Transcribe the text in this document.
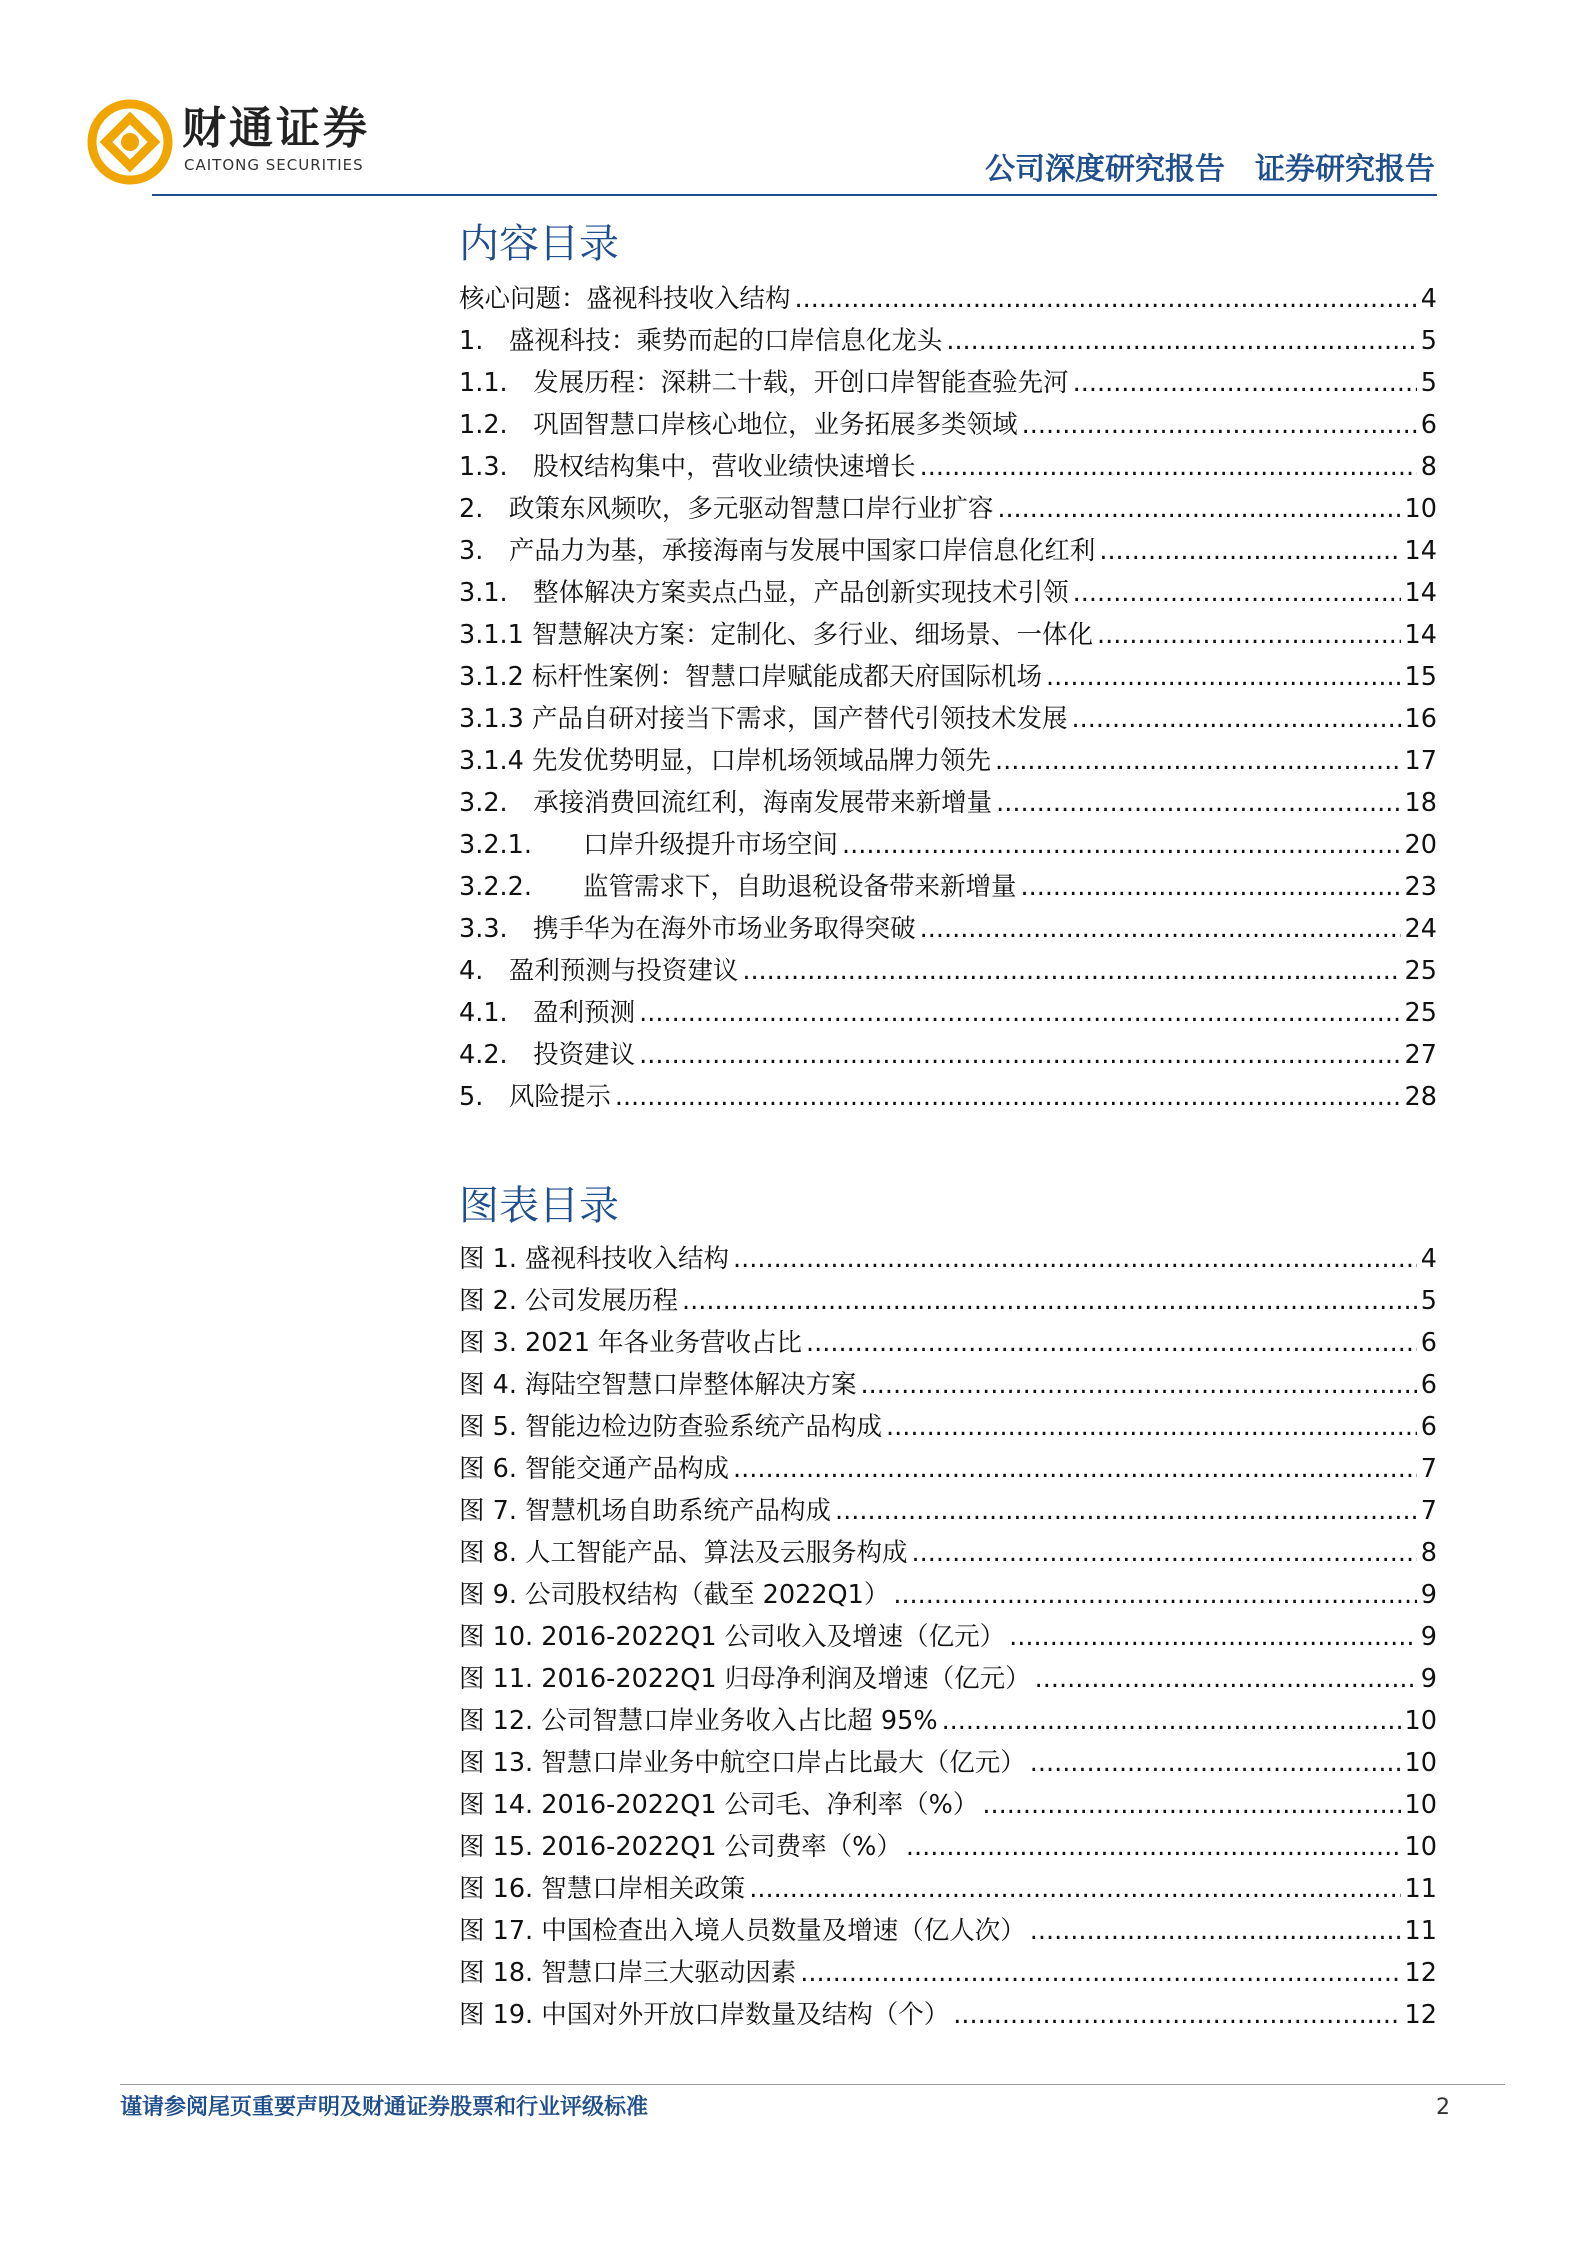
财通证券
CAITONG SECURITIES	公司深度研究报告 证券研究报告
内容目录
核心问题：盛视科技收入结构 .....	4
1.　盛视科技：乘势而起的口岸信息化龙头 .....	5
1.1.　发展历程：深耕二十载，开创口岸智能查验先河 .....	5
1.2.　巩固智慧口岸核心地位，业务拓展多类领域 .....	6
1.3.　股权结构集中，营收业绩快速增长 .....	8
2.　政策东风频吹，多元驱动智慧口岸行业扩容 .....	10
3.　产品力为基，承接海南与发展中国家口岸信息化红利 .....	14
3.1.　整体解决方案卖点凸显，产品创新实现技术引领 .....	14
3.1.1 智慧解决方案：定制化、多行业、细场景、一体化 .....	14
3.1.2 标杆性案例：智慧口岸赋能成都天府国际机场 .....	15
3.1.3 产品自研对接当下需求，国产替代引领技术发展 .....	16
3.1.4 先发优势明显，口岸机场领域品牌力领先 .....	17
3.2.　承接消费回流红利，海南发展带来新增量 .....	18
3.2.1.　　口岸升级提升市场空间 .....	20
3.2.2.　　监管需求下，自助退税设备带来新增量 .....	23
3.3.　携手华为在海外市场业务取得突破 .....	24
4.　盈利预测与投资建议 .....	25
4.1.　盈利预测 .....	25
4.2.　投资建议 .....	27
5.　风险提示 .....	28
图表目录
图 1. 盛视科技收入结构 .....	4
图 2. 公司发展历程 .....	5
图 3. 2021 年各业务营收占比 .....	6
图 4. 海陆空智慧口岸整体解决方案 .....	6
图 5. 智能边检边防查验系统产品构成 .....	6
图 6. 智能交通产品构成 .....	7
图 7. 智慧机场自助系统产品构成 .....	7
图 8. 人工智能产品、算法及云服务构成 .....	8
图 9. 公司股权结构（截至 2022Q1） .....	9
图 10. 2016-2022Q1 公司收入及增速（亿元） .....	9
图 11. 2016-2022Q1 归母净利润及增速（亿元） .....	9
图 12. 公司智慧口岸业务收入占比超 95% .....	10
图 13. 智慧口岸业务中航空口岸占比最大（亿元） .....	10
图 14. 2016-2022Q1 公司毛、净利率（%） .....	10
图 15. 2016-2022Q1 公司费率（%） .....	10
图 16. 智慧口岸相关政策 .....	11
图 17. 中国检查出入境人员数量及增速（亿人次） .....	11
图 18. 智慧口岸三大驱动因素 .....	12
图 19. 中国对外开放口岸数量及结构（个） .....	12
谨请参阅尾页重要声明及财通证券股票和行业评级标准	2
